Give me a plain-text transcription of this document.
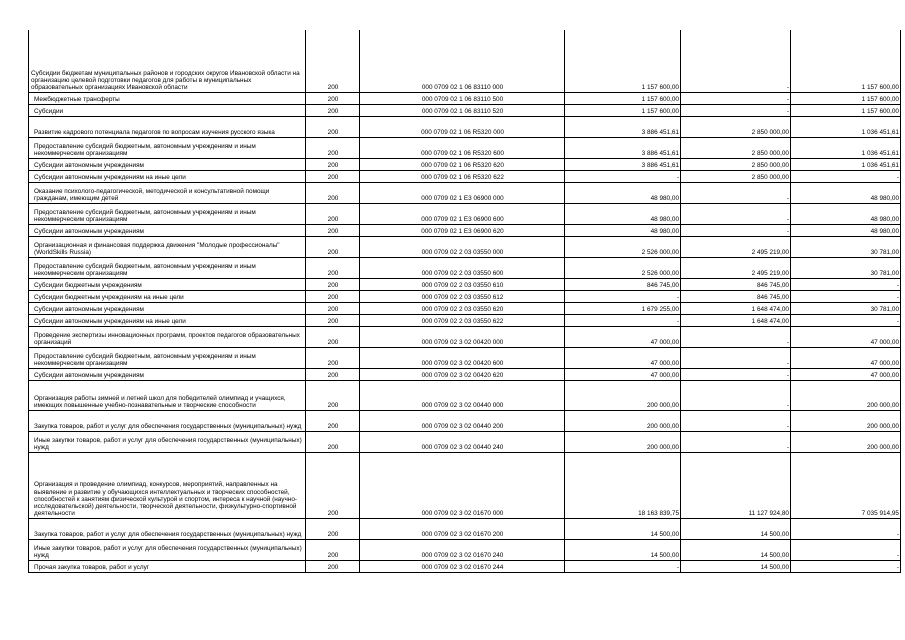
Субсидии бюджетам муниципальных районов и городских округов Ивановской области на организацию целевой подготовки педагогов для работы в муниципальных образовательных организациях Ивановской области	200	000 0709 02 1 06 83110 000	1 157 600,00	-	1 157 600,00

Межбюджетные трансферты	200	000 0709 02 1 06 83110 500	1 157 600,00	-	1 157 600,00

Субсидии	200	000 0709 02 1 06 83110 520	1 157 600,00	-	1 157 600,00

Развитие кадрового потенциала педагогов по вопросам изучения русского языка	200	000 0709 02 1 06 R5320 000	3 886 451,61	2 850 000,00	1 036 451,61

Предоставление субсидий бюджетным, автономным учреждениям и иным некоммерческим организациям	200	000 0709 02 1 06 R5320 600	3 886 451,61	2 850 000,00	1 036 451,61

Субсидии автономным учреждениям	200	000 0709 02 1 06 R5320 620	3 886 451,61	2 850 000,00	1 036 451,61

Субсидии автономным учреждениям на иные цели	200	000 0709 02 1 06 R5320 622	-	2 850 000,00	-

Оказание психолого-педагогической, методической и консультативной помощи гражданам, имеющим детей	200	000 0709 02 1 E3 06900 000	48 980,00	-	48 980,00

Предоставление субсидий бюджетным, автономным учреждениям и иным некоммерческим организациям	200	000 0709 02 1 E3 06900 600	48 980,00	-	48 980,00

Субсидии автономным учреждениям	200	000 0709 02 1 E3 06900 620	48 980,00	-	48 980,00

Организационная и финансовая поддержка движения "Молодые профессионалы" (WorldSkills Russia)	200	000 0709 02 2 03 03550 000	2 526 000,00	2 495 219,00	30 781,00

Предоставление субсидий бюджетным, автономным учреждениям и иным некоммерческим организациям	200	000 0709 02 2 03 03550 600	2 526 000,00	2 495 219,00	30 781,00

Субсидии бюджетным учреждениям	200	000 0709 02 2 03 03550 610	846 745,00	846 745,00	-

Субсидии бюджетным учреждениям на иные цели	200	000 0709 02 2 03 03550 612	-	846 745,00	-

Субсидии автономным учреждениям	200	000 0709 02 2 03 03550 620	1 679 255,00	1 648 474,00	30 781,00

Субсидии автономным учреждениям на иные цели	200	000 0709 02 2 03 03550 622	-	1 648 474,00	-

Проведение экспертизы инновационных программ, проектов педагогов образовательных организаций	200	000 0709 02 3 02 00420 000	47 000,00	-	47 000,00

Предоставление субсидий бюджетным, автономным учреждениям и иным некоммерческим организациям	200	000 0709 02 3 02 00420 600	47 000,00	-	47 000,00

Субсидии автономным учреждениям	200	000 0709 02 3 02 00420 620	47 000,00	-	47 000,00

Организация работы зимней и летней школ для победителей олимпиад и учащихся, имеющих повышенные учебно-познавательные и творческие способности	200	000 0709 02 3 02 00440 000	200 000,00	-	200 000,00

Закупка товаров, работ и услуг для обеспечения государственных (муниципальных) нужд	200	000 0709 02 3 02 00440 200	200 000,00	-	200 000,00

Иные закупки товаров, работ и услуг для обеспечения государственных (муниципальных) нужд	200	000 0709 02 3 02 00440 240	200 000,00	-	200 000,00

Организация и проведение олимпиад, конкурсов, мероприятий, направленных на выявление и развитие у обучающихся интеллектуальных и творческих способностей, способностей к занятиям физической культурой и спортом, интереса к научной (научно-исследовательской) деятельности, творческой деятельности, физкультурно-спортивной деятельности	200	000 0709 02 3 02 01670 000	18 163 839,75	11 127 924,80	7 035 914,95

Закупка товаров, работ и услуг для обеспечения государственных (муниципальных) нужд	200	000 0709 02 3 02 01670 200	14 500,00	14 500,00	-

Иные закупки товаров, работ и услуг для обеспечения государственных (муниципальных) нужд	200	000 0709 02 3 02 01670 240	14 500,00	14 500,00	-

Прочая закупка товаров, работ и услуг	200	000 0709 02 3 02 01670 244	-	14 500,00	-
